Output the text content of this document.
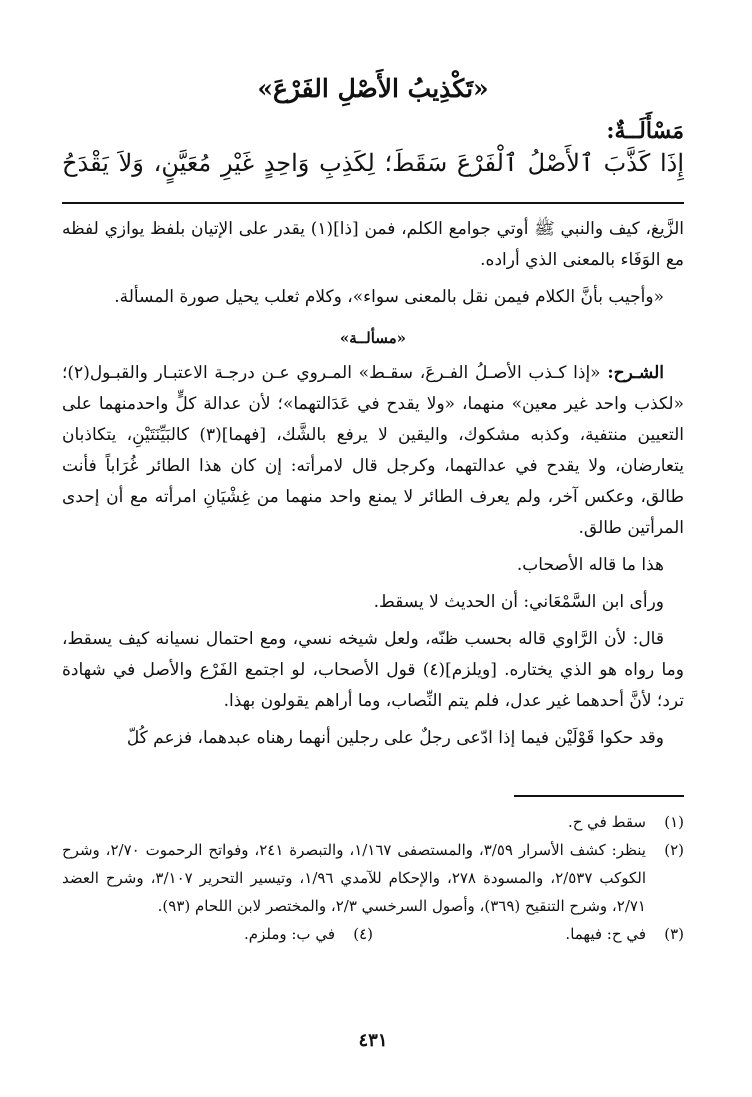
«تَكْذِيبُ الأَصْلِ الفَرْعَ»
مَسْأَلَــةٌ:
إِذَا كَذَّبَ ٱلأَصْلُ ٱلْفَرْعَ سَقَطَ؛ لِكَذِبِ وَاحِدٍ غَيْرِ مُعَيَّنٍ، وَلاَ يَقْدَحُ

الزَّيغ، كيف والنبي ﷺ أوتي جوامع الكلم، فمن [ذا](١) يقدر على الإتيان بلفظ يوازي لفظه مع الوَفَاء بالمعنى الذي أراده.

«وأجيب بأنَّ الكلام فيمن نقل بالمعنى سواء»، وكلام ثعلب يحيل صورة المسألة.

«مسألــة»

الشـرح: «إذا كـذب الأصـلُ الفـرعَ، سقـط» المـروي عـن درجـة الاعتبـار والقبـول(٢)؛ «لكذب واحد غير معين» منهما، «ولا يقدح في عَدَالتهما»؛ لأن عدالة كلٍّ واحدمنهما على التعيين منتفية، وكذبه مشكوك، واليقين لا يرفع بالشَّك، [فهما](٣) كالبَيِّنَتَيْنِ، يتكاذبان يتعارضان، ولا يقدح في عدالتهما، وكرجل قال لامرأته: إن كان هذا الطائر غُرَاباً فأنت طالق، وعكس آخر، ولم يعرف الطائر لا يمنع واحد منهما من غِشْيَانِ امرأته مع أن إحدى المرأتين طالق.

هذا ما قاله الأصحاب.

ورأى ابن السَّمْعَاني: أن الحديث لا يسقط.

قال: لأن الرَّاوي قاله بحسب ظنّه، ولعل شيخه نسي، ومع احتمال نسيانه كيف يسقط، وما رواه هو الذي يختاره. [ويلزم](٤) قول الأصحاب، لو اجتمع الفَرْع والأصل في شهادة ترد؛ لأنَّ أحدهما غير عدل، فلم يتم النِّصاب، وما أراهم يقولون بهذا.

وقد حكوا قَوْلَيْن فيما إذا ادّعى رجلٌ على رجلين أنهما رهناه عبدهما، فزعم كُلّ

(١)
سقط في ح.
(٢)
ينظر: كشف الأسرار ٣/٥٩، والمستصفى ١/١٦٧، والتبصرة ٢٤١، وفواتح الرحموت ٢/٧٠، وشرح الكوكب ٢/٥٣٧، والمسودة ٢٧٨، والإحكام للآمدي ١/٩٦، وتيسير التحرير ٣/١٠٧، وشرح العضد ٢/٧١، وشرح التنقيح (٣٦٩)، وأصول السرخسي ٢/٣، والمختصر لابن اللحام (٩٣).
(٣)
في ح: فيهما.
(٤)
في ب: وملزم.
٤٣١
